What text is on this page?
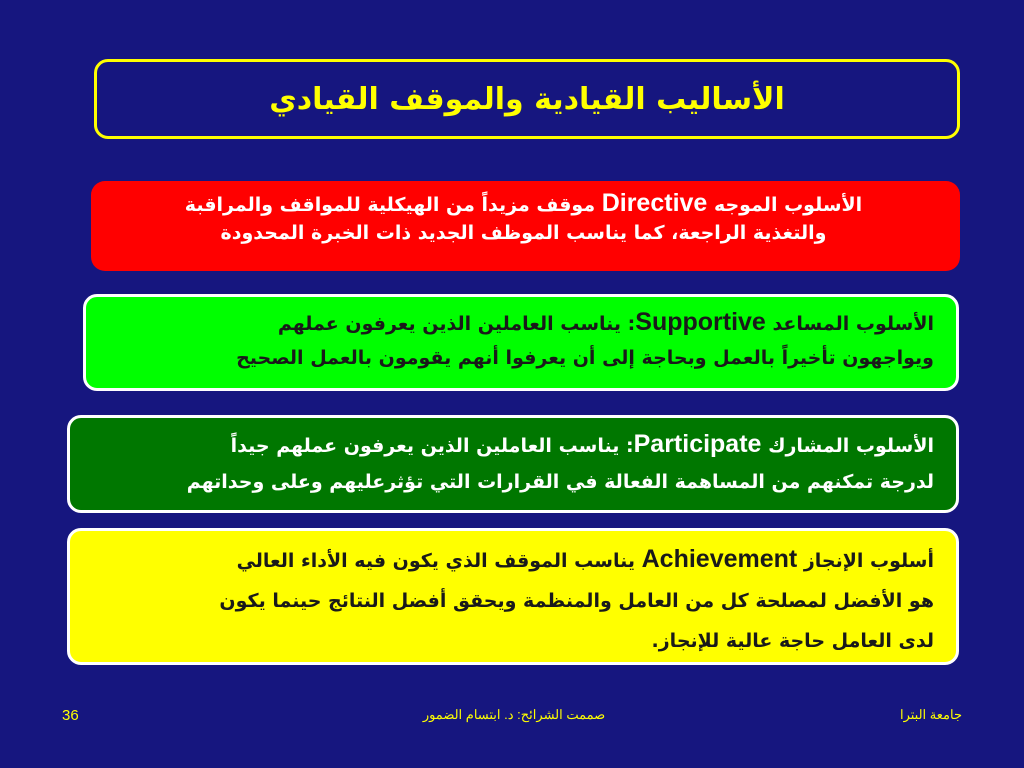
الأساليب القيادية والموقف القيادي
الأسلوب الموجه Directive موقف مزيداً من الهيكلية للمواقف والمراقبة
والتغذية الراجعة، كما يناسب الموظف الجديد ذات الخبرة المحدودة
الأسلوب المساعد Supportive: يناسب العاملين الذين يعرفون عملهم
ويواجهون تأخيراً بالعمل وبحاجة إلى أن يعرفوا أنهم يقومون بالعمل الصحيح
الأسلوب المشارك Participate: يناسب العاملين الذين يعرفون عملهم جيداً
لدرجة تمكنهم من المساهمة الفعالة في القرارات التي تؤثرعليهم وعلى وحداتهم
أسلوب الإنجاز Achievement يناسب الموقف الذي يكون فيه الأداء العالي
هو الأفضل لمصلحة كل من العامل والمنظمة ويحقق أفضل النتائج حينما يكون
لدى العامل حاجة عالية للإنجاز.
36	صممت الشرائح: د. ابتسام الضمور	جامعة البترا
